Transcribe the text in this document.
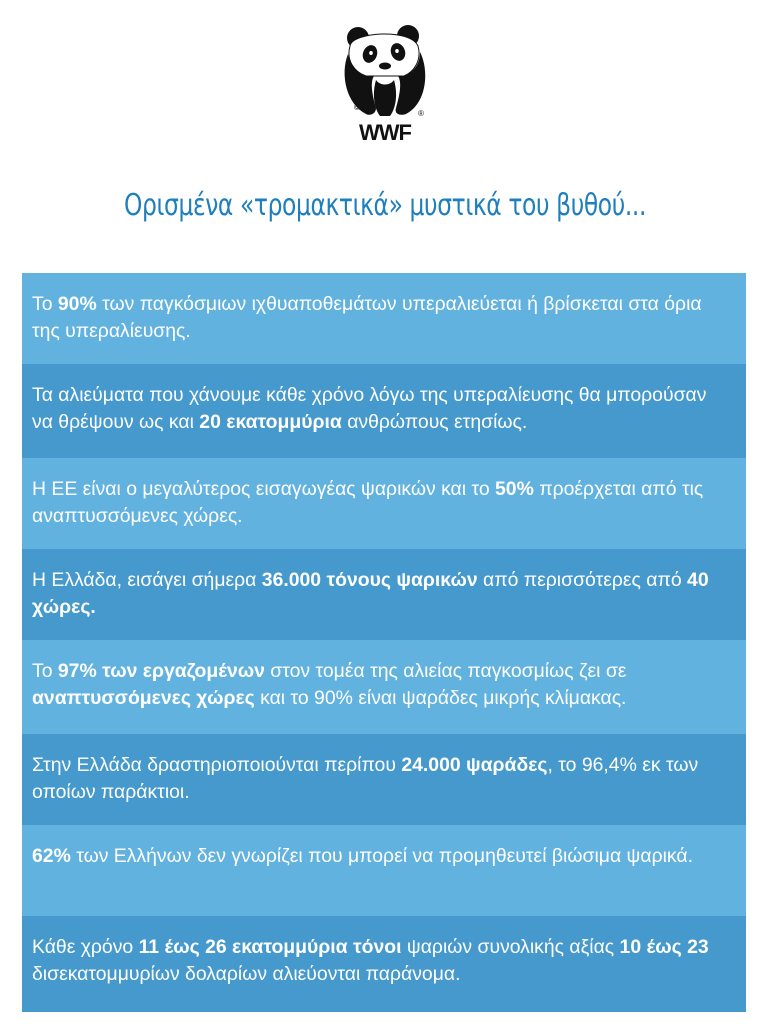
©
®
WWF
Ορισμένα «τρομακτικά» μυστικά του βυθού...
Το 90% των παγκόσμιων ιχθυαποθεμάτων υπεραλιεύεται ή βρίσκεται στα όρια της υπεραλίευσης.
Τα αλιεύματα που χάνουμε κάθε χρόνο λόγω της υπεραλίευσης θα μπορούσαν να θρέψουν ως και 20 εκατομμύρια ανθρώπους ετησίως.
Η ΕΕ είναι ο μεγαλύτερος εισαγωγέας ψαρικών και το 50% προέρχεται από τις αναπτυσσόμενες χώρες.
Η Ελλάδα, εισάγει σήμερα 36.000 τόνους ψαρικών από περισσότερες από 40 χώρες.
Το 97% των εργαζομένων στον τομέα της αλιείας παγκοσμίως ζει σε αναπτυσσόμενες χώρες και το 90% είναι ψαράδες μικρής κλίμακας.
Στην Ελλάδα δραστηριοποιούνται περίπου 24.000 ψαράδες, το 96,4% εκ των οποίων παράκτιοι.
62% των Ελλήνων δεν γνωρίζει που μπορεί να προμηθευτεί βιώσιμα ψαρικά.
Κάθε χρόνο 11 έως 26 εκατομμύρια τόνοι ψαριών συνολικής αξίας 10 έως 23 δισεκατομμυρίων δολαρίων αλιεύονται παράνομα.
